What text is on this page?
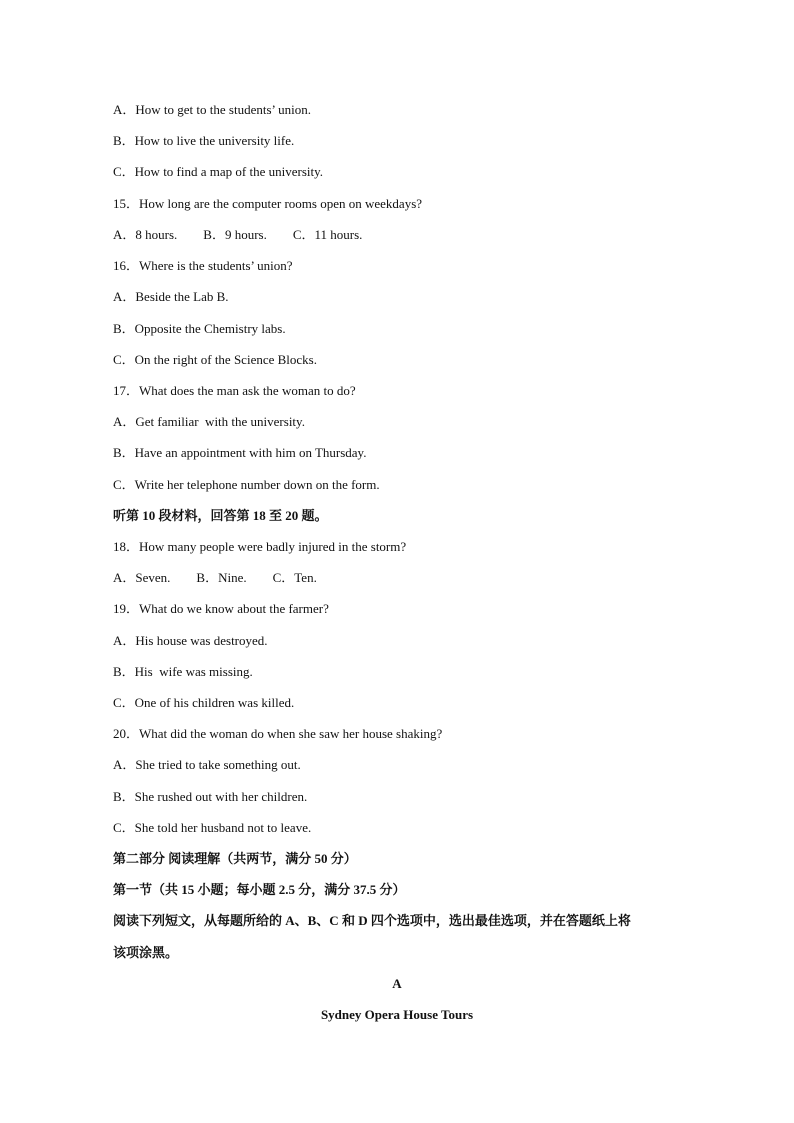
A．How to get to the students’ union.
B．How to live the university life.
C．How to find a map of the university.
15．How long are the computer rooms open on weekdays?
A．8 hours.        B．9 hours.        C．11 hours.
16．Where is the students’ union?
A．Beside the Lab B.
B．Opposite the Chemistry labs.
C．On the right of the Science Blocks.
17．What does the man ask the woman to do?
A．Get familiar  with the university.
B．Have an appointment with him on Thursday.
C．Write her telephone number down on the form.
听第 10 段材料，回答第 18 至 20 题。
18．How many people were badly injured in the storm?
A．Seven.        B．Nine.        C．Ten.
19．What do we know about the farmer?
A．His house was destroyed.
B．His  wife was missing.
C．One of his children was killed.
20．What did the woman do when she saw her house shaking?
A．She tried to take something out.
B．She rushed out with her children.
C．She told her husband not to leave.
第二部分 阅读理解（共两节，满分 50 分）
第一节（共 15 小题；每小题 2.5 分，满分 37.5 分）
阅读下列短文，从每题所给的 A、B、C 和 D 四个选项中，选出最佳选项，并在答题纸上将
该项涂黑。
A
Sydney Opera House Tours
